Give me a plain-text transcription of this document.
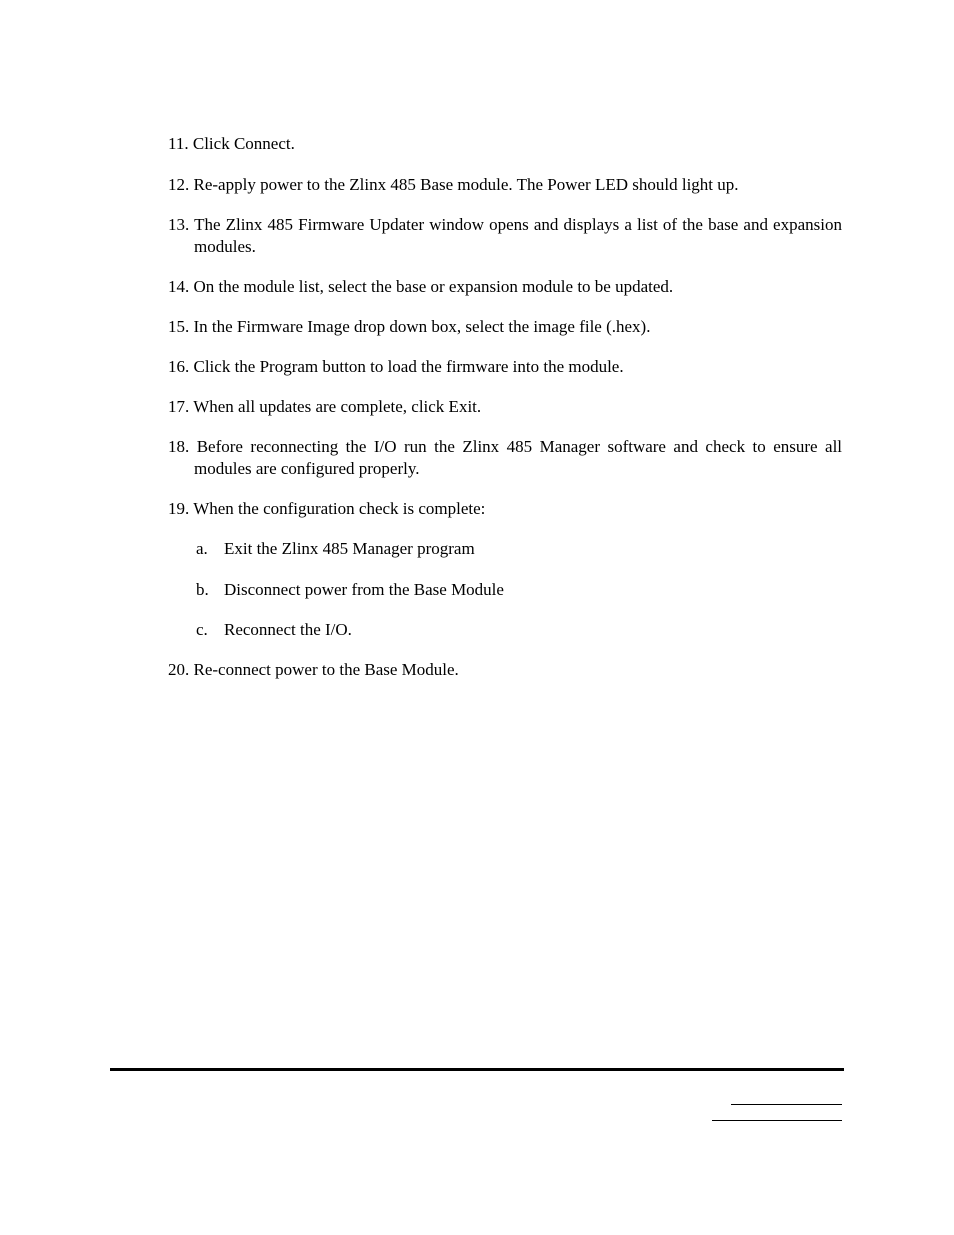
11. Click Connect.
12. Re-apply power to the Zlinx 485 Base module. The Power LED should light up.
13. The Zlinx 485 Firmware Updater window opens and displays a list of the base and expansion modules.
14. On the module list, select the base or expansion module to be updated.
15. In the Firmware Image drop down box, select the image file (.hex).
16. Click the Program button to load the firmware into the module.
17. When all updates are complete, click Exit.
18. Before reconnecting the I/O run the Zlinx 485 Manager software and check to ensure all modules are configured properly.
19. When the configuration check is complete:
a. Exit the Zlinx 485 Manager program
b. Disconnect power from the Base Module
c. Reconnect the I/O.
20. Re-connect power to the Base Module.
